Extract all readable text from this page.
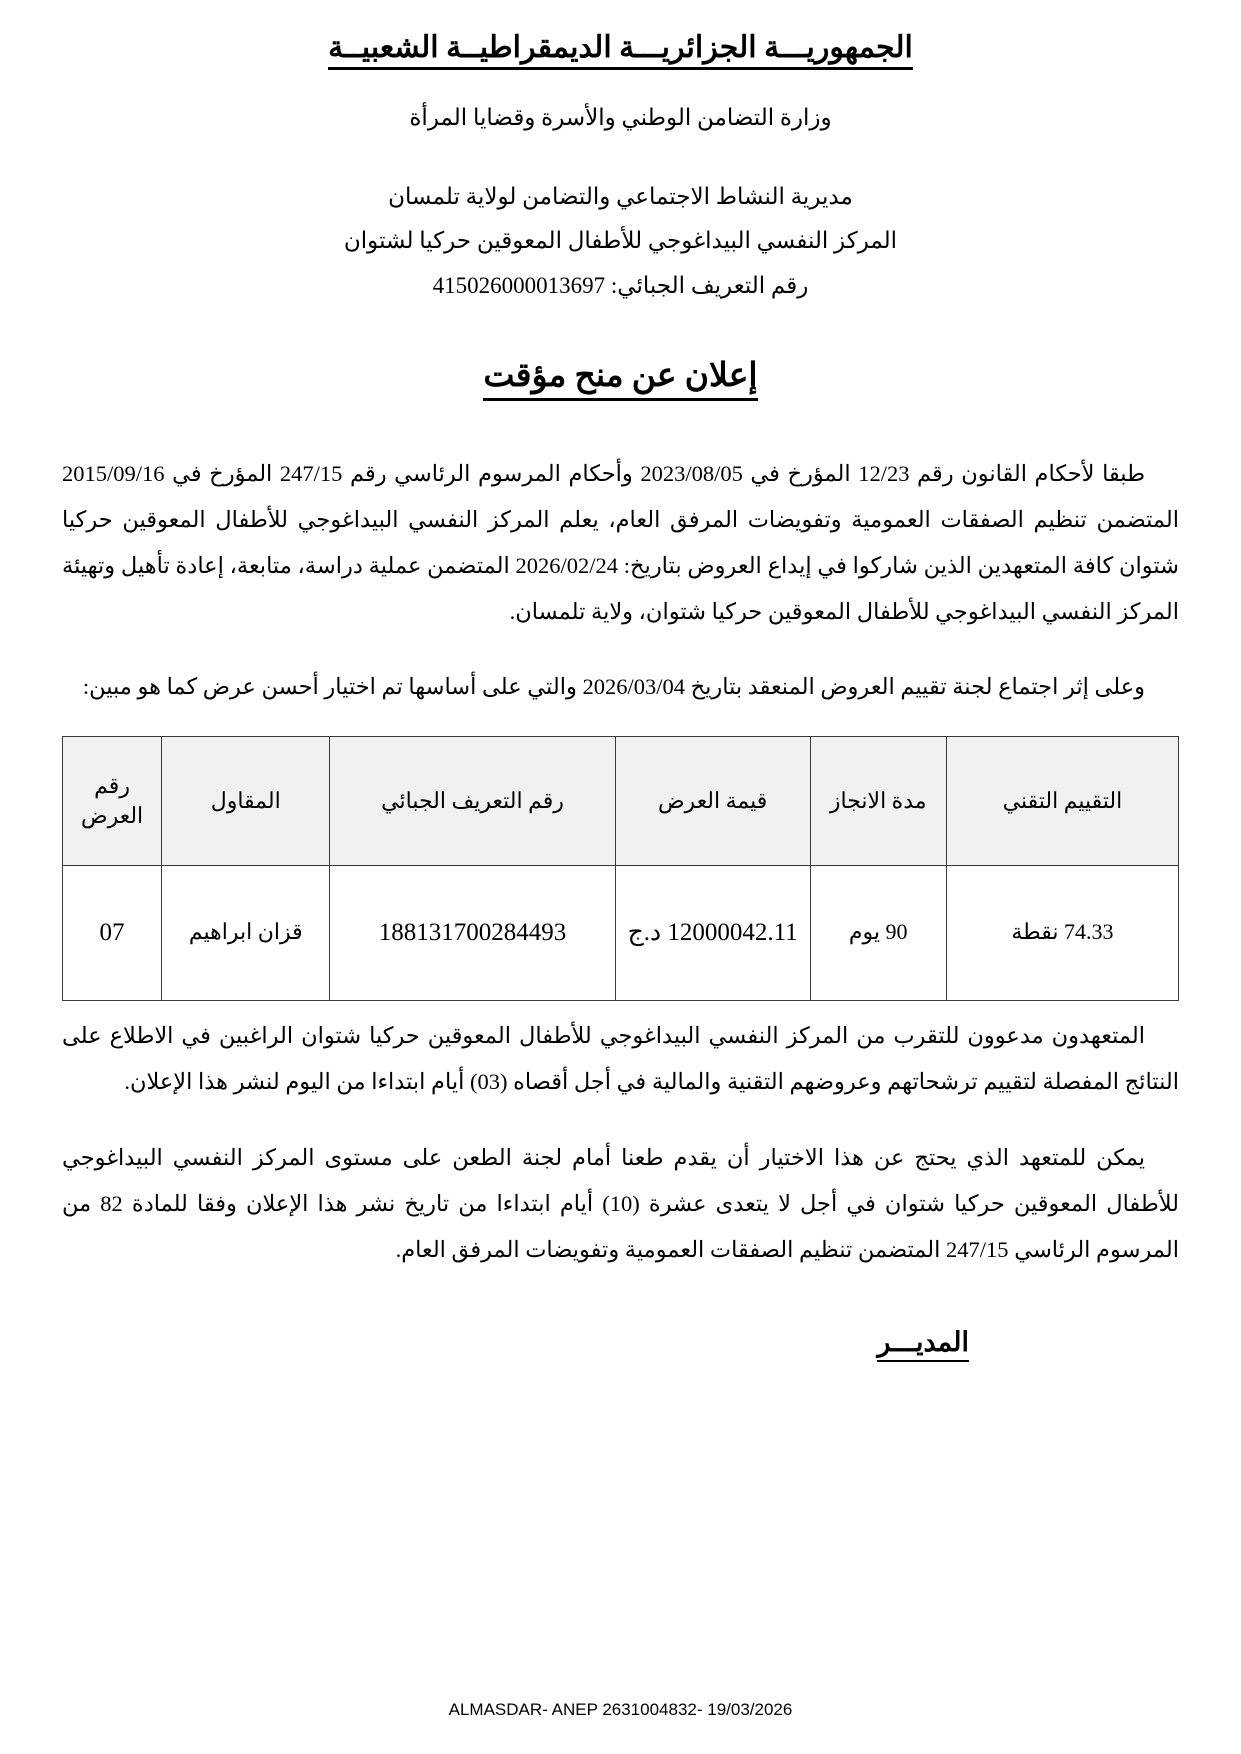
الجمهوريـــة الجزائريـــة الديمقراطيــة الشعبيــة
وزارة التضامن الوطني والأسرة وقضايا المرأة
مديرية النشاط الاجتماعي والتضامن لولاية تلمسان
المركز النفسي البيداغوجي للأطفال المعوقين حركيا لشتوان
رقم التعريف الجبائي: 415026000013697
إعلان عن منح مؤقت

طبقا لأحكام القانون رقم 12/23 المؤرخ في 2023/08/05 وأحكام المرسوم الرئاسي رقم 247/15 المؤرخ في 2015/09/16 المتضمن تنظيم الصفقات العمومية وتفويضات المرفق العام، يعلم المركز النفسي البيداغوجي للأطفال المعوقين حركيا شتوان كافة المتعهدين الذين شاركوا في إيداع العروض بتاريخ: 2026/02/24 المتضمن عملية دراسة، متابعة، إعادة تأهيل وتهيئة المركز النفسي البيداغوجي للأطفال المعوقين حركيا شتوان، ولاية تلمسان.

وعلى إثر اجتماع لجنة تقييم العروض المنعقد بتاريخ 2026/03/04 والتي على أساسها تم اختيار أحسن عرض كما هو مبين:

التقييم التقني	مدة الانجاز	قيمة العرض	رقم التعريف الجبائي	المقاول	رقم العرض
74.33 نقطة	90 يوم	12000042.11 د.ج	188131700284493	قزان ابراهيم	07

المتعهدون مدعوون للتقرب من المركز النفسي البيداغوجي للأطفال المعوقين حركيا شتوان الراغبين في الاطلاع على النتائج المفصلة لتقييم ترشحاتهم وعروضهم التقنية والمالية في أجل أقصاه (03) أيام ابتداءا من اليوم لنشر هذا الإعلان.

يمكن للمتعهد الذي يحتج عن هذا الاختيار أن يقدم طعنا أمام لجنة الطعن على مستوى المركز النفسي البيداغوجي للأطفال المعوقين حركيا شتوان في أجل لا يتعدى عشرة (10) أيام ابتداءا من تاريخ نشر هذا الإعلان وفقا للمادة 82 من المرسوم الرئاسي 247/15 المتضمن تنظيم الصفقات العمومية وتفويضات المرفق العام.

المديـــر
ALMASDAR- ANEP 2631004832- 19/03/2026
